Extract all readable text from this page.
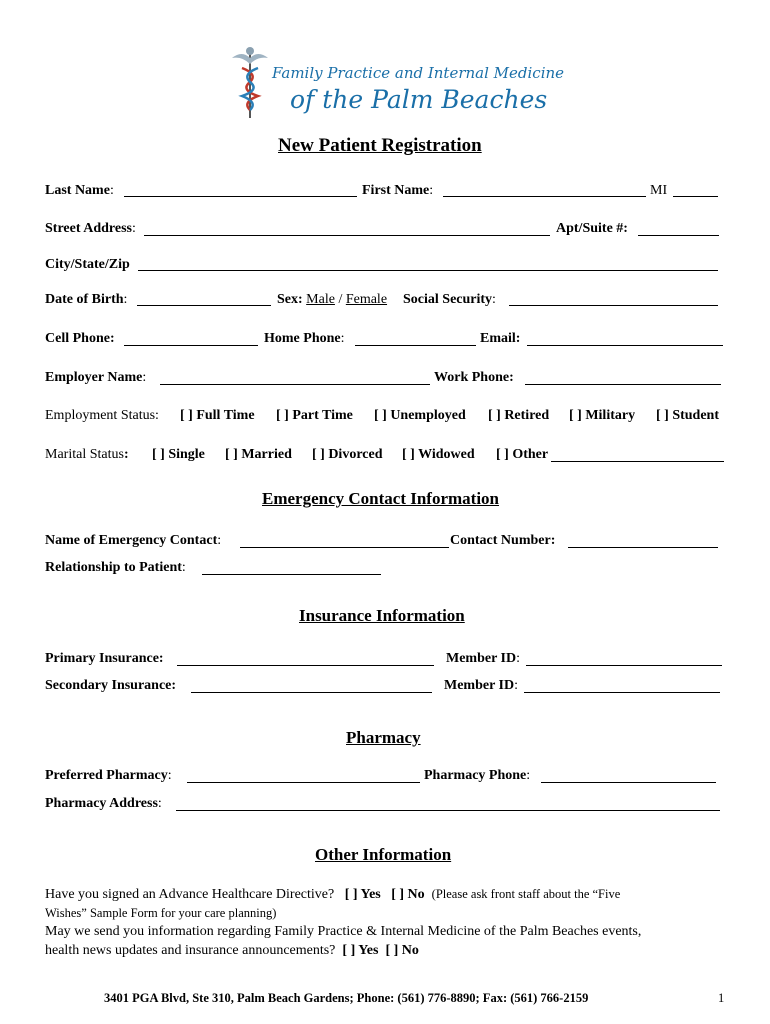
Family Practice and Internal Medicine
of the Palm Beaches
New Patient Registration
Last Name:	First Name:	MI
Street Address:	Apt/Suite #:
City/State/Zip
Date of Birth:	Sex: Male / Female Social Security:
Cell Phone:	Home Phone:	Email:
Employer Name:	Work Phone:
Employment Status: [ ] Full Time [ ] Part Time [ ] Unemployed [ ] Retired [ ] Military [ ] Student
Marital Status: [ ] Single [ ] Married [ ] Divorced [ ] Widowed [ ] Other
Emergency Contact Information
Name of Emergency Contact:	Contact Number:
Relationship to Patient:
Insurance Information
Primary Insurance:	Member ID:
Secondary Insurance:	Member ID:
Pharmacy
Preferred Pharmacy:	Pharmacy Phone:
Pharmacy Address:
Other Information
Have you signed an Advance Healthcare Directive? [ ] Yes [ ] No (Please ask front staff about the “Five
Wishes” Sample Form for your care planning)
May we send you information regarding Family Practice & Internal Medicine of the Palm Beaches events,
health news updates and insurance announcements? [ ] Yes [ ] No
3401 PGA Blvd, Ste 310, Palm Beach Gardens; Phone: (561) 776-8890; Fax: (561) 766-2159	1
